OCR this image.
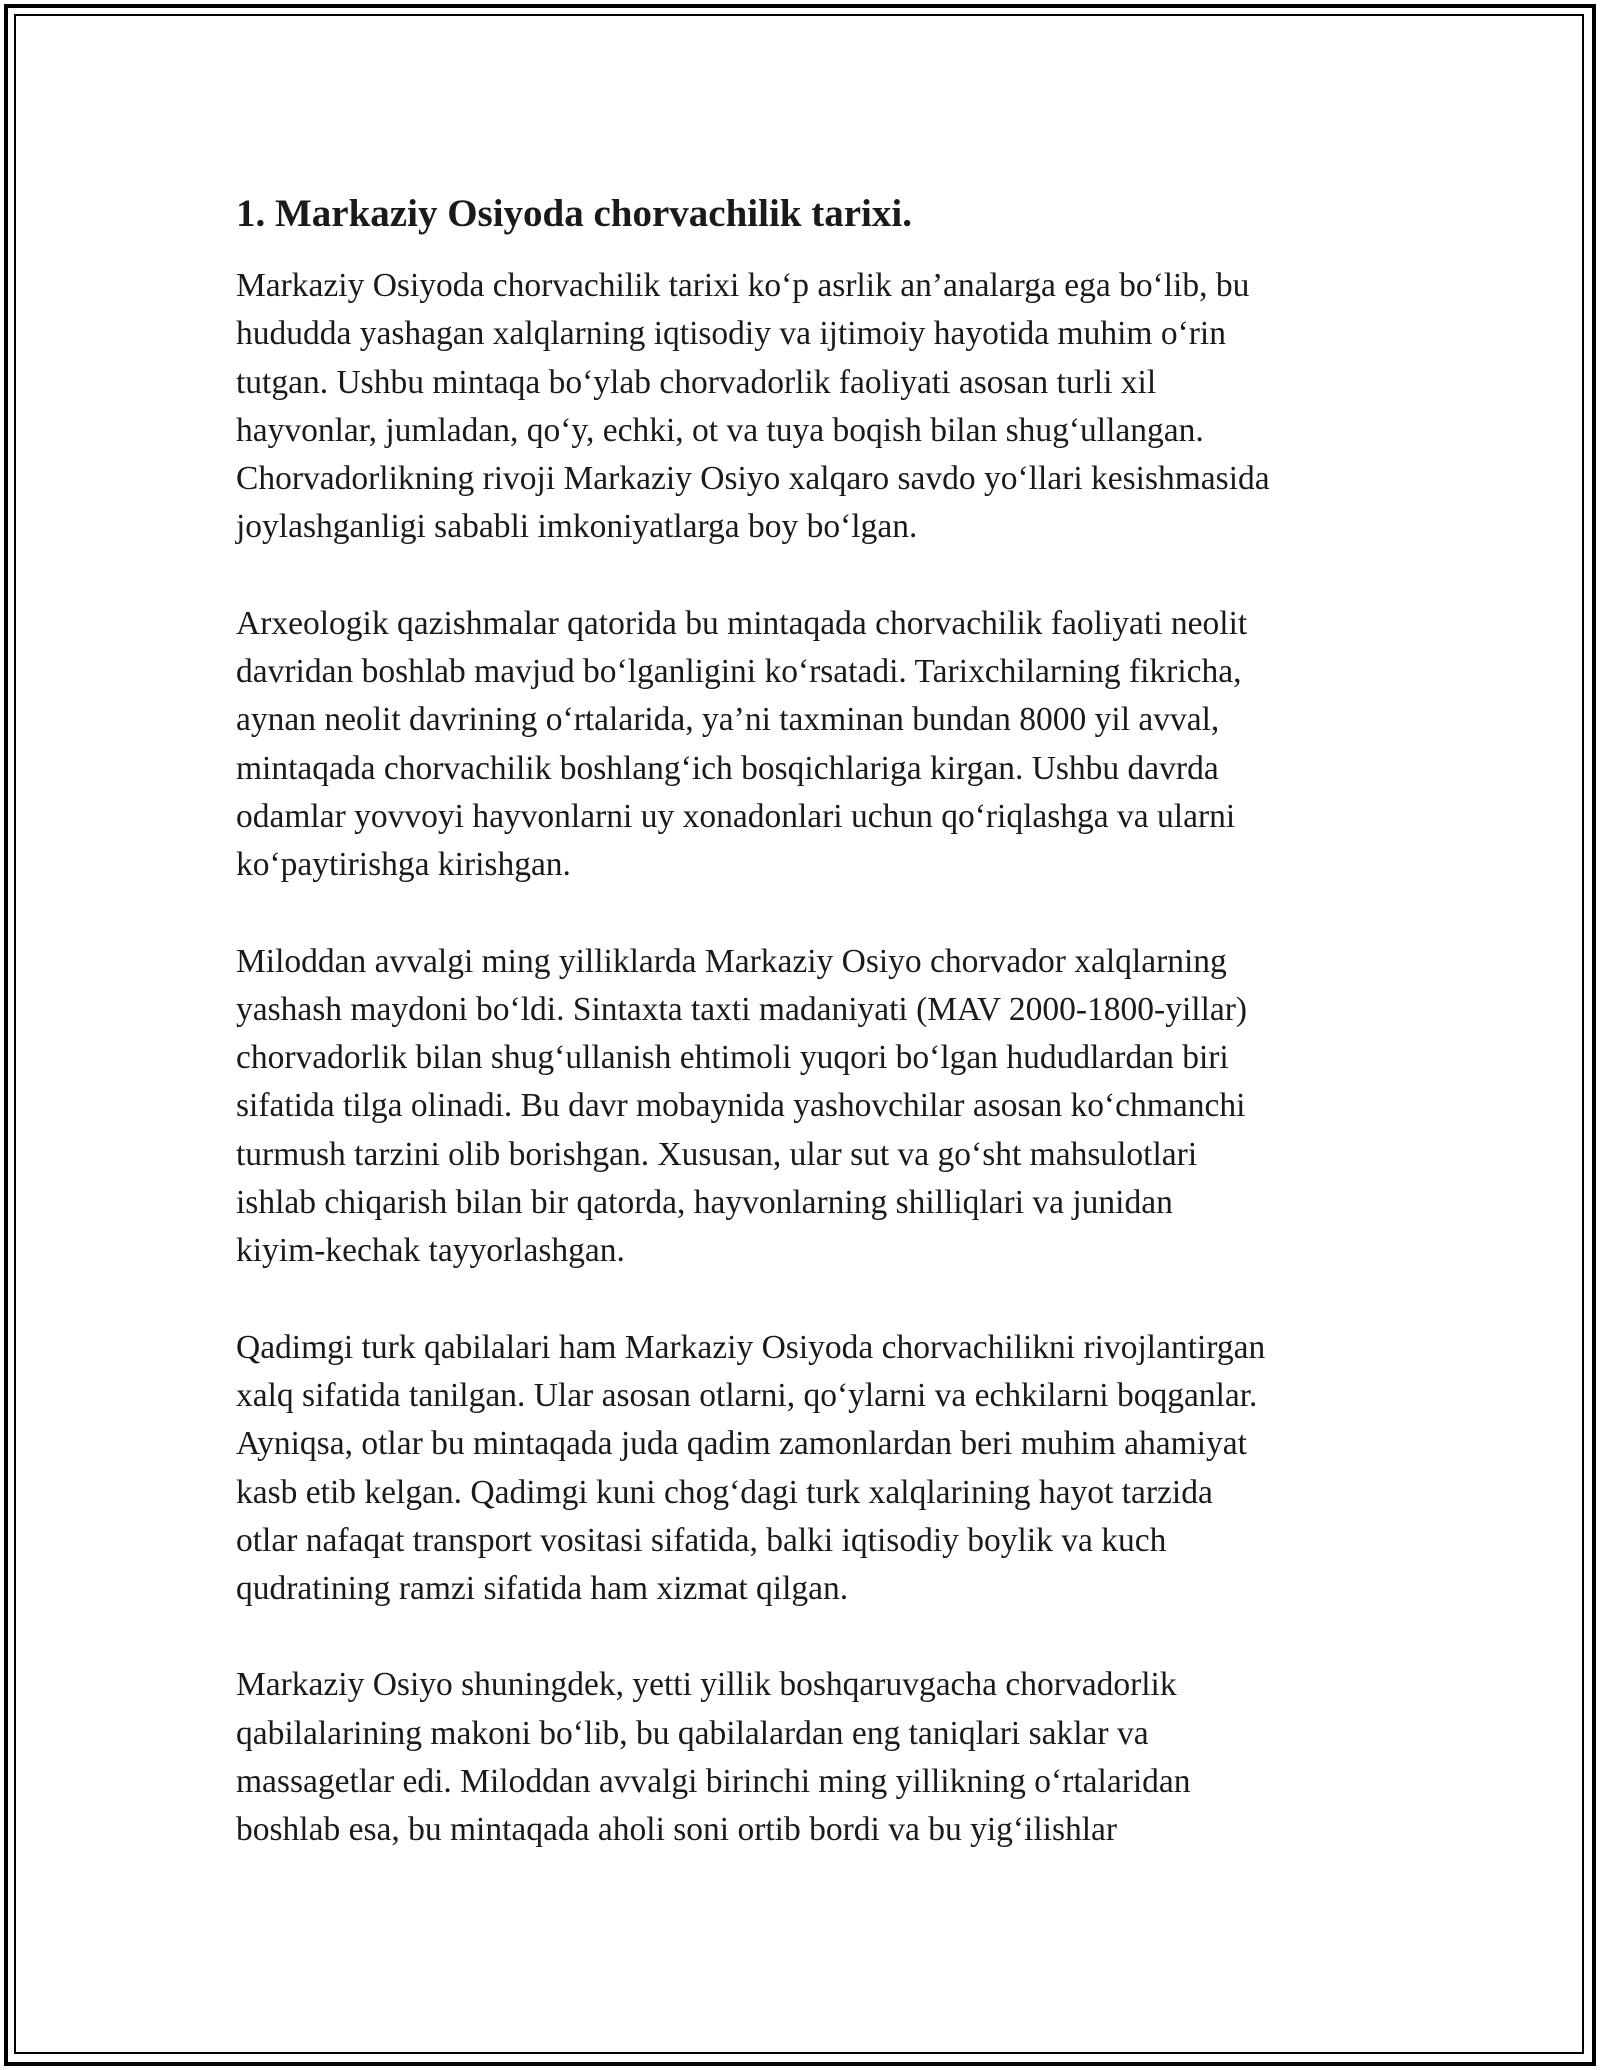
1. Markaziy Osiyoda chorvachilik tarixi.

Markaziy Osiyoda chorvachilik tarixi ko‘p asrlik an’analarga ega bo‘lib, bu
hududda yashagan xalqlarning iqtisodiy va ijtimoiy hayotida muhim o‘rin
tutgan. Ushbu mintaqa bo‘ylab chorvadorlik faoliyati asosan turli xil
hayvonlar, jumladan, qo‘y, echki, ot va tuya boqish bilan shug‘ullangan.
Chorvadorlikning rivoji Markaziy Osiyo xalqaro savdo yo‘llari kesishmasida
joylashganligi sababli imkoniyatlarga boy bo‘lgan.

Arxeologik qazishmalar qatorida bu mintaqada chorvachilik faoliyati neolit
davridan boshlab mavjud bo‘lganligini ko‘rsatadi. Tarixchilarning fikricha,
aynan neolit davrining o‘rtalarida, ya’ni taxminan bundan 8000 yil avval,
mintaqada chorvachilik boshlang‘ich bosqichlariga kirgan. Ushbu davrda
odamlar yovvoyi hayvonlarni uy xonadonlari uchun qo‘riqlashga va ularni
ko‘paytirishga kirishgan.

Miloddan avvalgi ming yilliklarda Markaziy Osiyo chorvador xalqlarning
yashash maydoni bo‘ldi. Sintaxta taxti madaniyati (MAV 2000-1800-yillar)
chorvadorlik bilan shug‘ullanish ehtimoli yuqori bo‘lgan hududlardan biri
sifatida tilga olinadi. Bu davr mobaynida yashovchilar asosan ko‘chmanchi
turmush tarzini olib borishgan. Xususan, ular sut va go‘sht mahsulotlari
ishlab chiqarish bilan bir qatorda, hayvonlarning shilliqlari va junidan
kiyim-kechak tayyorlashgan.

Qadimgi turk qabilalari ham Markaziy Osiyoda chorvachilikni rivojlantirgan
xalq sifatida tanilgan. Ular asosan otlarni, qo‘ylarni va echkilarni boqganlar.
Ayniqsa, otlar bu mintaqada juda qadim zamonlardan beri muhim ahamiyat
kasb etib kelgan. Qadimgi kuni chog‘dagi turk xalqlarining hayot tarzida
otlar nafaqat transport vositasi sifatida, balki iqtisodiy boylik va kuch
qudratining ramzi sifatida ham xizmat qilgan.

Markaziy Osiyo shuningdek, yetti yillik boshqaruvgacha chorvadorlik
qabilalarining makoni bo‘lib, bu qabilalardan eng taniqlari saklar va
massagetlar edi. Miloddan avvalgi birinchi ming yillikning o‘rtalaridan
boshlab esa, bu mintaqada aholi soni ortib bordi va bu yig‘ilishlar
